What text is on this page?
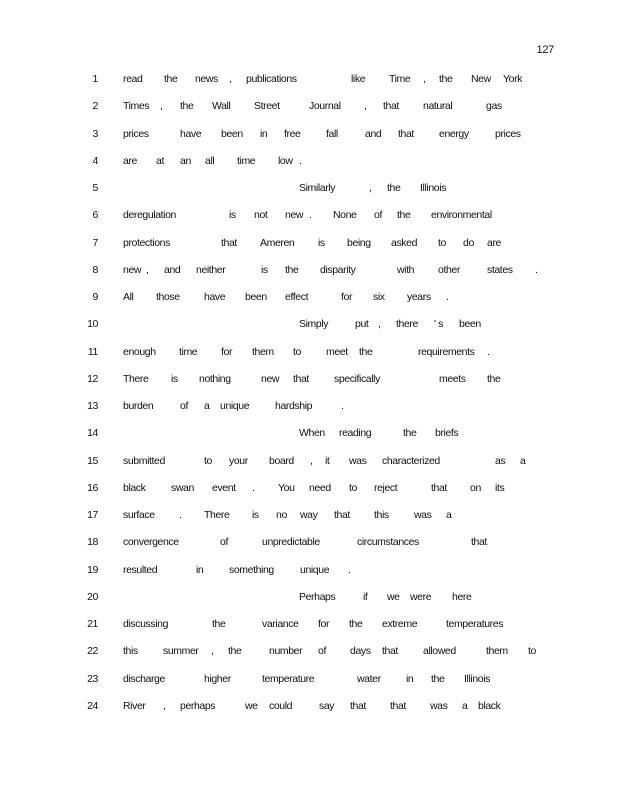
127
1 read the news , publications	like Time , the New York
2 Times , the Wall Street	Journal , that natural	gas
3 prices	have been in free fall	and that energy	prices
4 are at an all time low .
5	Similarly	, the Illinois
6 deregulation	is not new . None of the environmental
7 protections	that Ameren is being asked to do are
8 new , and neither	is the disparity	with other	states .
9 All those have been effect	for six years .
10	Simply	put , there ' s been
11 enough time for them to meet the	requirements .
12 There is nothing	new that specifically	meets the
13 burden	of a unique hardship	.
14	When reading	the briefs
15 submitted	to your board , it was characterized	as a
16 black swan event . You need to reject	that on its
17 surface . There is no way that this was a
18 convergence	of	unpredictable	circumstances	that
19 resulted	in something unique .
20	Perhaps	if we were here
21 discussing	the	variance for the extreme	temperatures
22 this summer , the	number of days that allowed	them to
23 discharge	higher	temperature	water in the Illinois
24 River , perhaps	we could	say that that was a black
